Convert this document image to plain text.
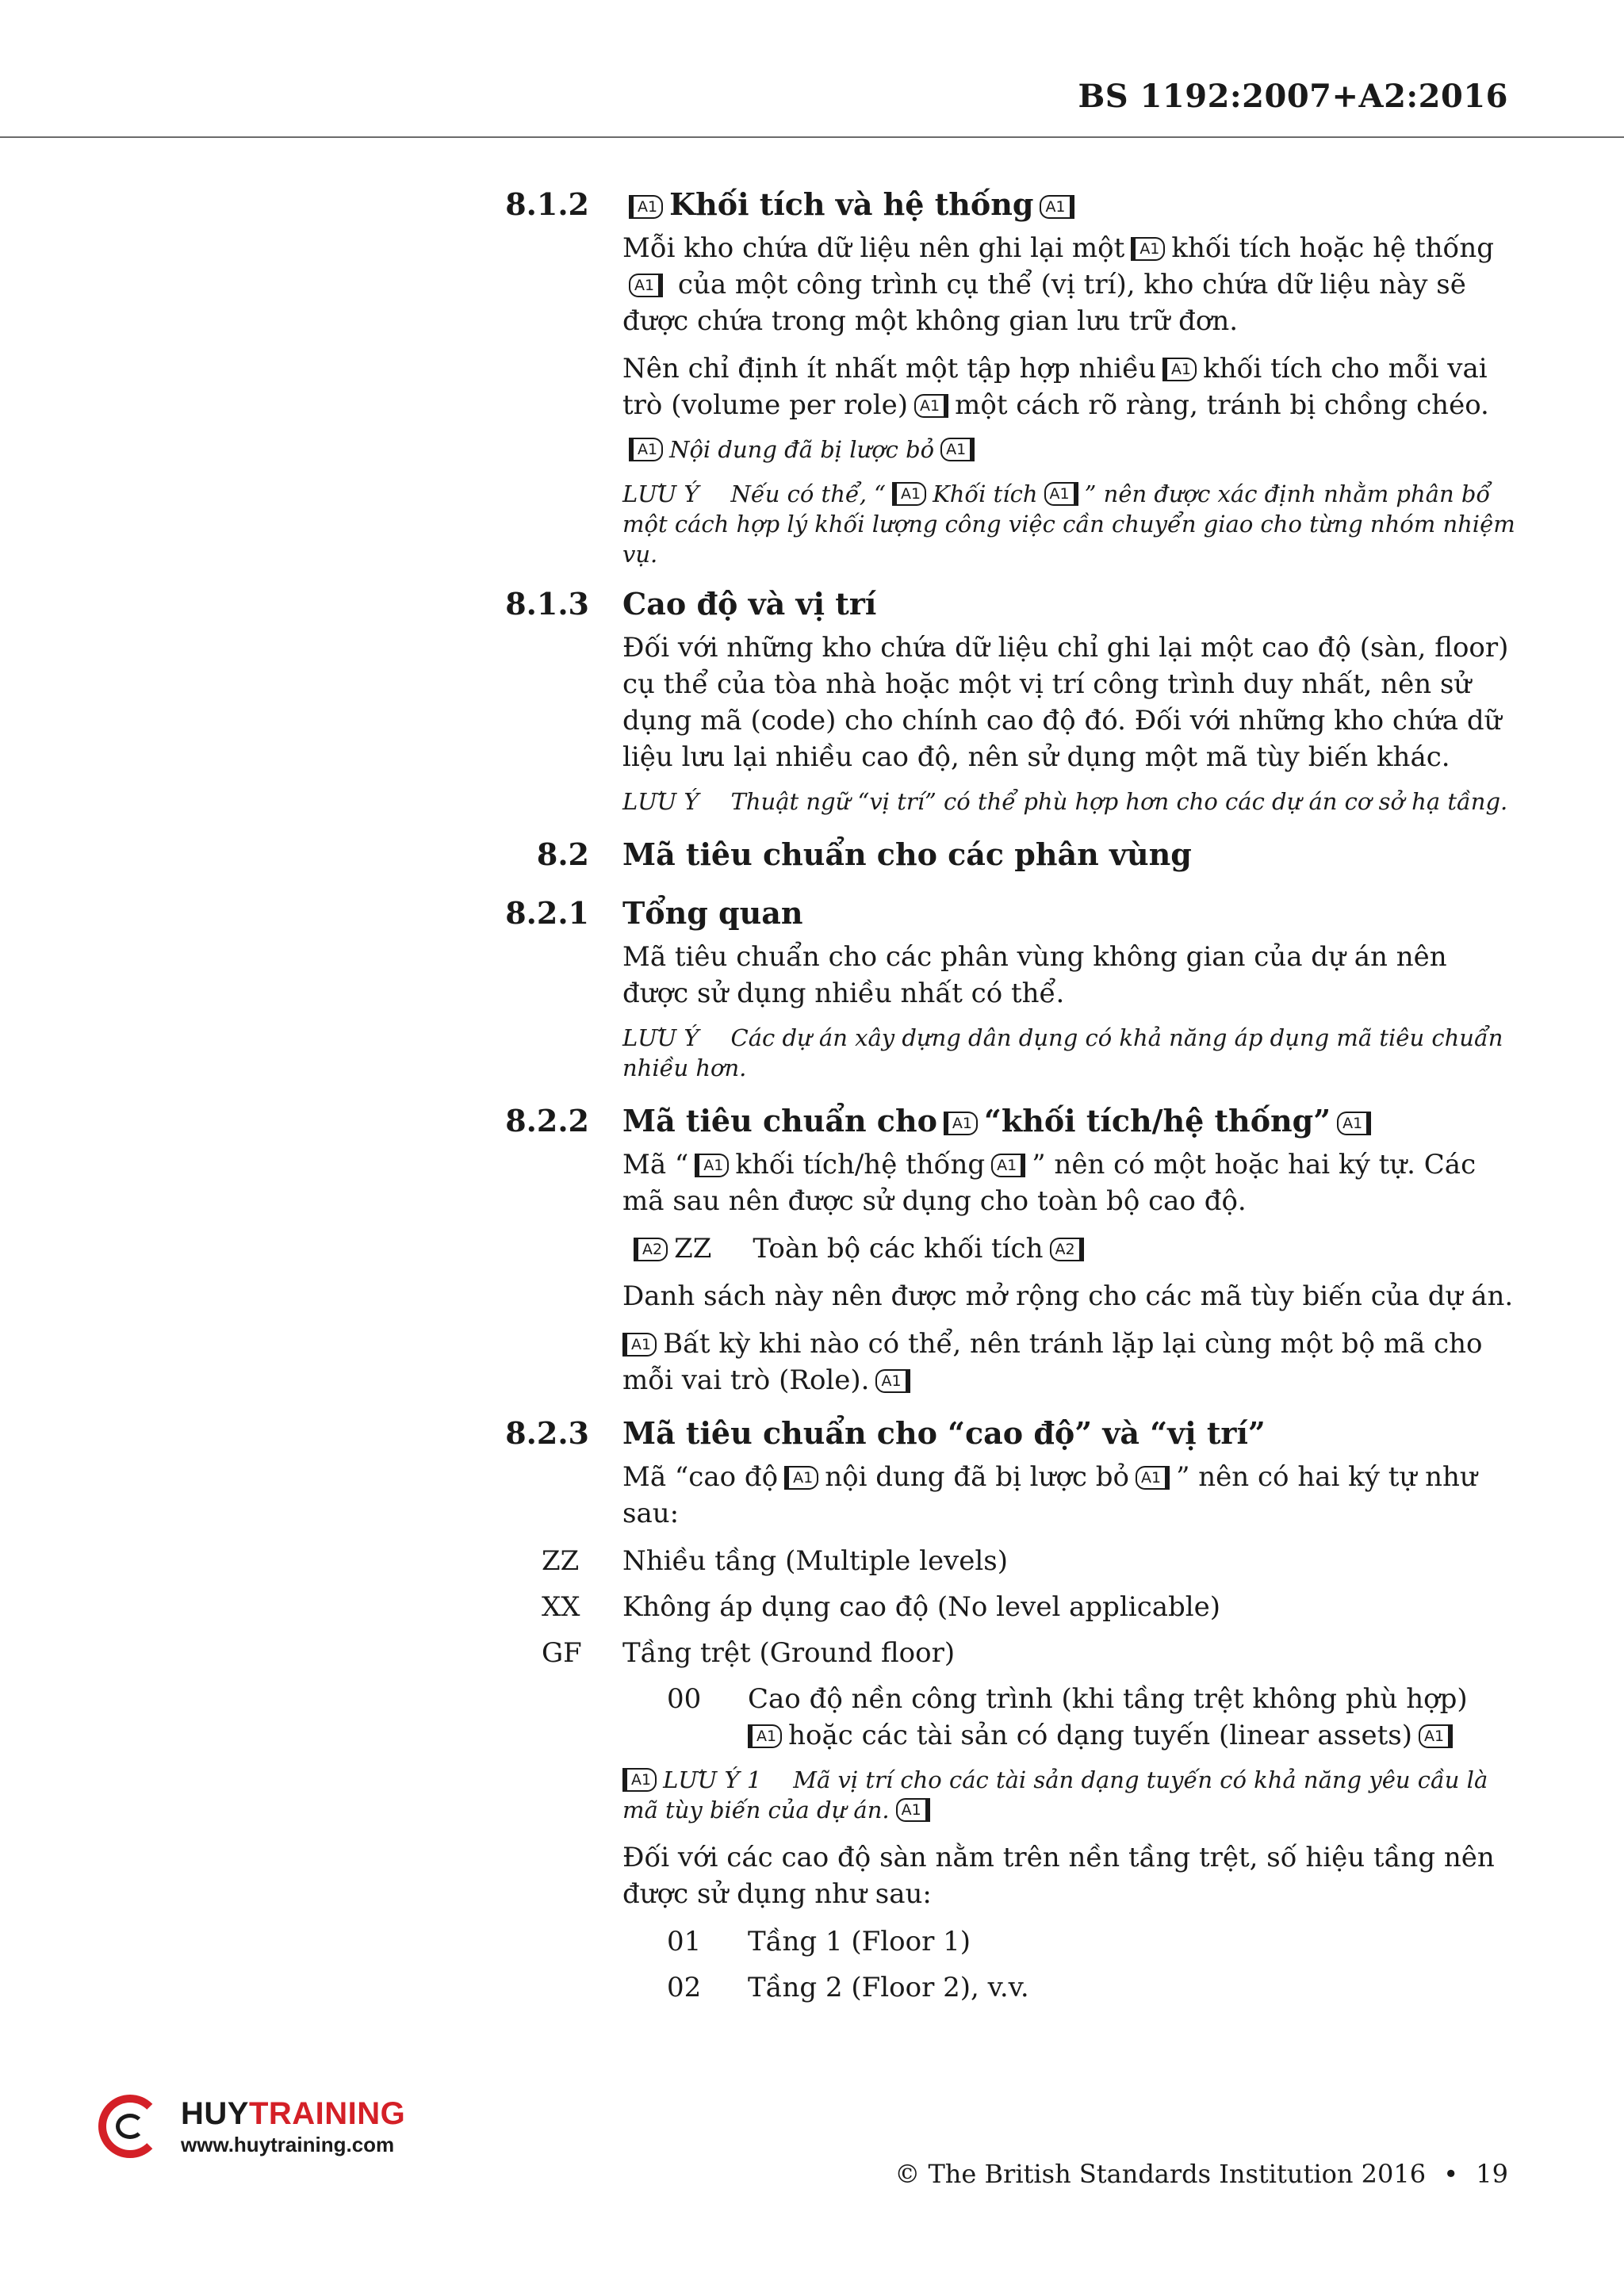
BS 1192:2007+A2:2016
8.1.2	A1 Khối tích và hệ thống A1

Mỗi kho chứa dữ liệu nên ghi lại một A1 khối tích hoặc hệ thốngA1 của một công trình cụ thể (vị trí), kho chứa dữ liệu này sẽ được chứa trong một không gian lưu trữ đơn.

Nên chỉ định ít nhất một tập hợp nhiều A1 khối tích cho mỗi vai trò (volume per role) A1 một cách rõ ràng, tránh bị chồng chéo.

A1 Nội dung đã bị lược bỏ A1

LƯU Ý Nếu có thể, “ A1 Khối tích A1 ” nên được xác định nhằm phân bổ một cách hợp lý khối lượng công việc cần chuyển giao cho từng nhóm nhiệm vụ.

8.1.3 Cao độ và vị trí

Đối với những kho chứa dữ liệu chỉ ghi lại một cao độ (sàn, floor) cụ thể của tòa nhà hoặc một vị trí công trình duy nhất, nên sử dụng mã (code) cho chính cao độ đó. Đối với những kho chứa dữ liệu lưu lại nhiều cao độ, nên sử dụng một mã tùy biến khác.

LƯU Ý Thuật ngữ “vị trí” có thể phù hợp hơn cho các dự án cơ sở hạ tầng.

8.2 Mã tiêu chuẩn cho các phân vùng
8.2.1 Tổng quan

Mã tiêu chuẩn cho các phân vùng không gian của dự án nên được sử dụng nhiều nhất có thể.

LƯU Ý Các dự án xây dựng dân dụng có khả năng áp dụng mã tiêu chuẩn nhiều hơn.

8.2.2 Mã tiêu chuẩn cho A1 “khối tích/hệ thống” A1

Mã “ A1 khối tích/hệ thống A1 ” nên có một hoặc hai ký tự. Các mã sau nên được sử dụng cho toàn bộ cao độ.

A2 ZZ Toàn bộ các khối tích A2

Danh sách này nên được mở rộng cho các mã tùy biến của dự án.

A1 Bất kỳ khi nào có thể, nên tránh lặp lại cùng một bộ mã cho mỗi vai trò (Role). A1

8.2.3 Mã tiêu chuẩn cho “cao độ” và “vị trí”

Mã “cao độ A1 nội dung đã bị lược bỏ A1 ” nên có hai ký tự như sau:

ZZ Nhiều tầng (Multiple levels)
XX Không áp dụng cao độ (No level applicable)
GF Tầng trệt (Ground floor)
00 Cao độ nền công trình (khi tầng trệt không phù hợp)
A1 hoặc các tài sản có dạng tuyến (linear assets) A1

A1 LƯU Ý 1 Mã vị trí cho các tài sản dạng tuyến có khả năng yêu cầu là mã tùy biến của dự án. A1

Đối với các cao độ sàn nằm trên nền tầng trệt, số hiệu tầng nên được sử dụng như sau:

01 Tầng 1 (Floor 1)
02 Tầng 2 (Floor 2), v.v.
HUYTRAINING
www.huytraining.com
© The British Standards Institution 2016 • 19
